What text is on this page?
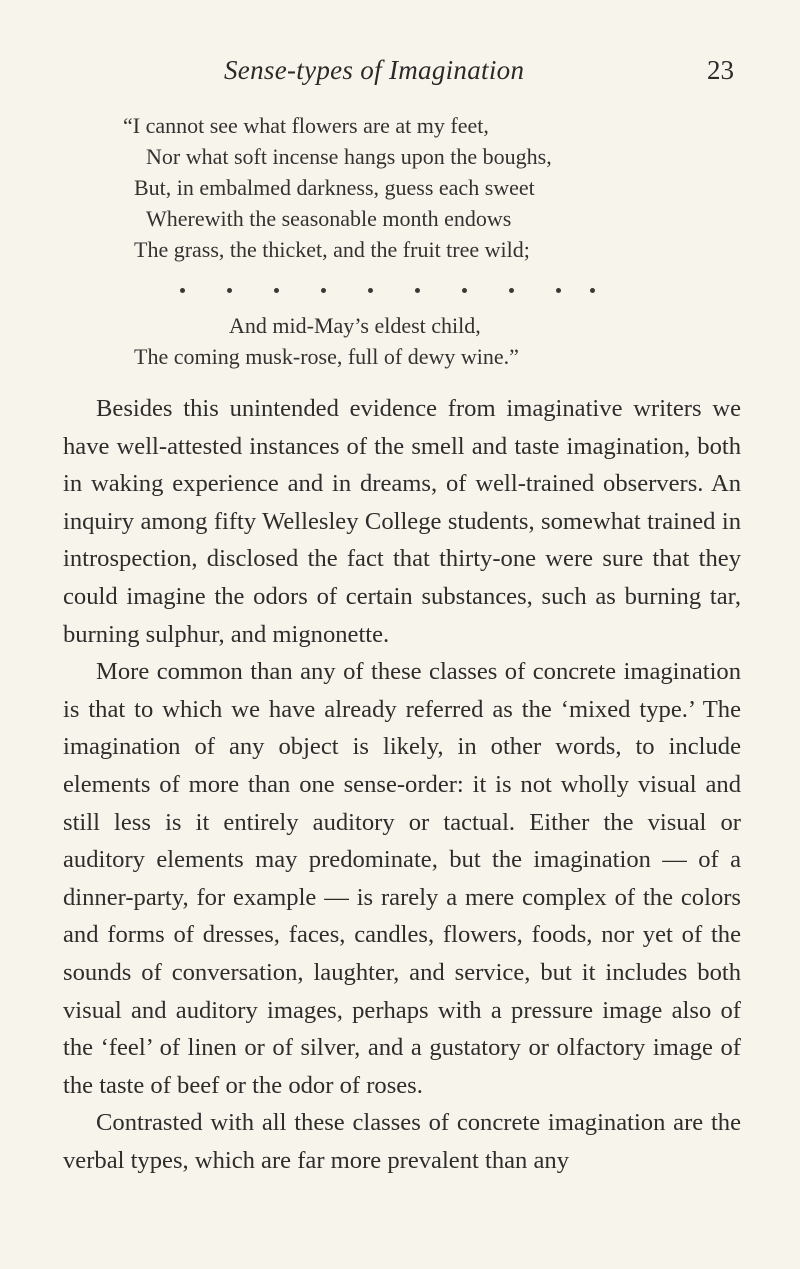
Sense-types of Imagination	23
“I cannot see what flowers are at my feet,
Nor what soft incense hangs upon the boughs,
But, in embalmed darkness, guess each sweet
Wherewith the seasonable month endows
The grass, the thicket, and the fruit tree wild;
And mid-May’s eldest child,
The coming musk-rose, full of dewy wine.”

Besides this unintended evidence from imaginative writers we have well-attested instances of the smell and taste imagination, both in waking experience and in dreams, of well-trained observers. An inquiry among fifty Wellesley College students, somewhat trained in introspection, disclosed the fact that thirty-one were sure that they could imagine the odors of certain substances, such as burning tar, burning sulphur, and mignonette.

More common than any of these classes of concrete imagination is that to which we have already referred as the ‘mixed type.’ The imagination of any object is likely, in other words, to include elements of more than one sense-order: it is not wholly visual and still less is it entirely auditory or tactual. Either the visual or auditory elements may predominate, but the imagination — of a dinner-party, for example — is rarely a mere complex of the colors and forms of dresses, faces, candles, flowers, foods, nor yet of the sounds of conversation, laughter, and service, but it includes both visual and auditory images, perhaps with a pressure image also of the ‘feel’ of linen or of silver, and a gustatory or olfactory image of the taste of beef or the odor of roses.

Contrasted with all these classes of concrete imagination are the verbal types, which are far more prevalent than any
